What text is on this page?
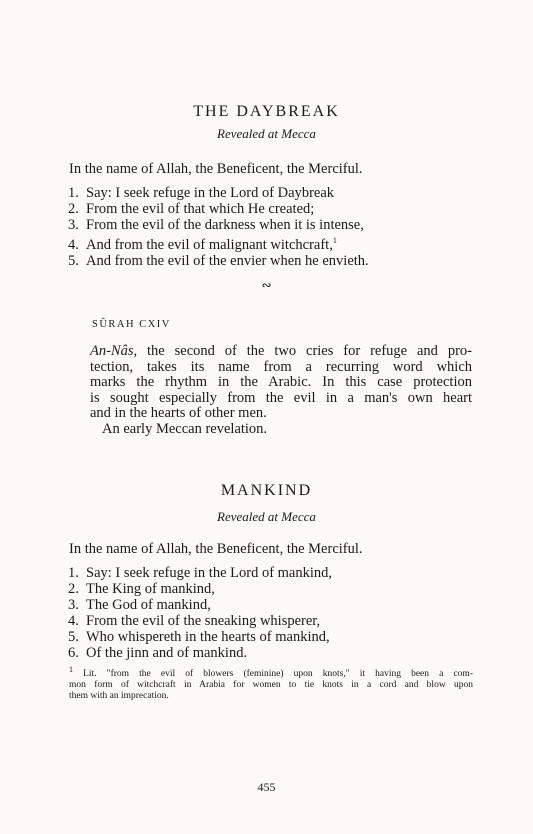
THE DAYBREAK
Revealed at Mecca
In the name of Allah, the Beneficent, the Merciful.
1. Say: I seek refuge in the Lord of Daybreak
2. From the evil of that which He created;
3. From the evil of the darkness when it is intense,
4. And from the evil of malignant witchcraft,$^1$
5. And from the evil of the envier when he envieth.
∾
SÛRAH CXIV
An-Nâs, the second of the two cries for refuge and pro-
tection, takes its name from a recurring word which
marks the rhythm in the Arabic. In this case protection
is sought especially from the evil in a man's own heart
and in the hearts of other men.
An early Meccan revelation.
MANKIND
Revealed at Mecca
In the name of Allah, the Beneficent, the Merciful.
1. Say: I seek refuge in the Lord of mankind,
2. The King of mankind,
3. The God of mankind,
4. From the evil of the sneaking whisperer,
5. Who whispereth in the hearts of mankind,
6. Of the jinn and of mankind.
$^1$ Lit. "from the evil of blowers (feminine) upon knots," it having been a com-
mon form of witchcraft in Arabia for women to tie knots in a cord and blow upon
them with an imprecation.
455
